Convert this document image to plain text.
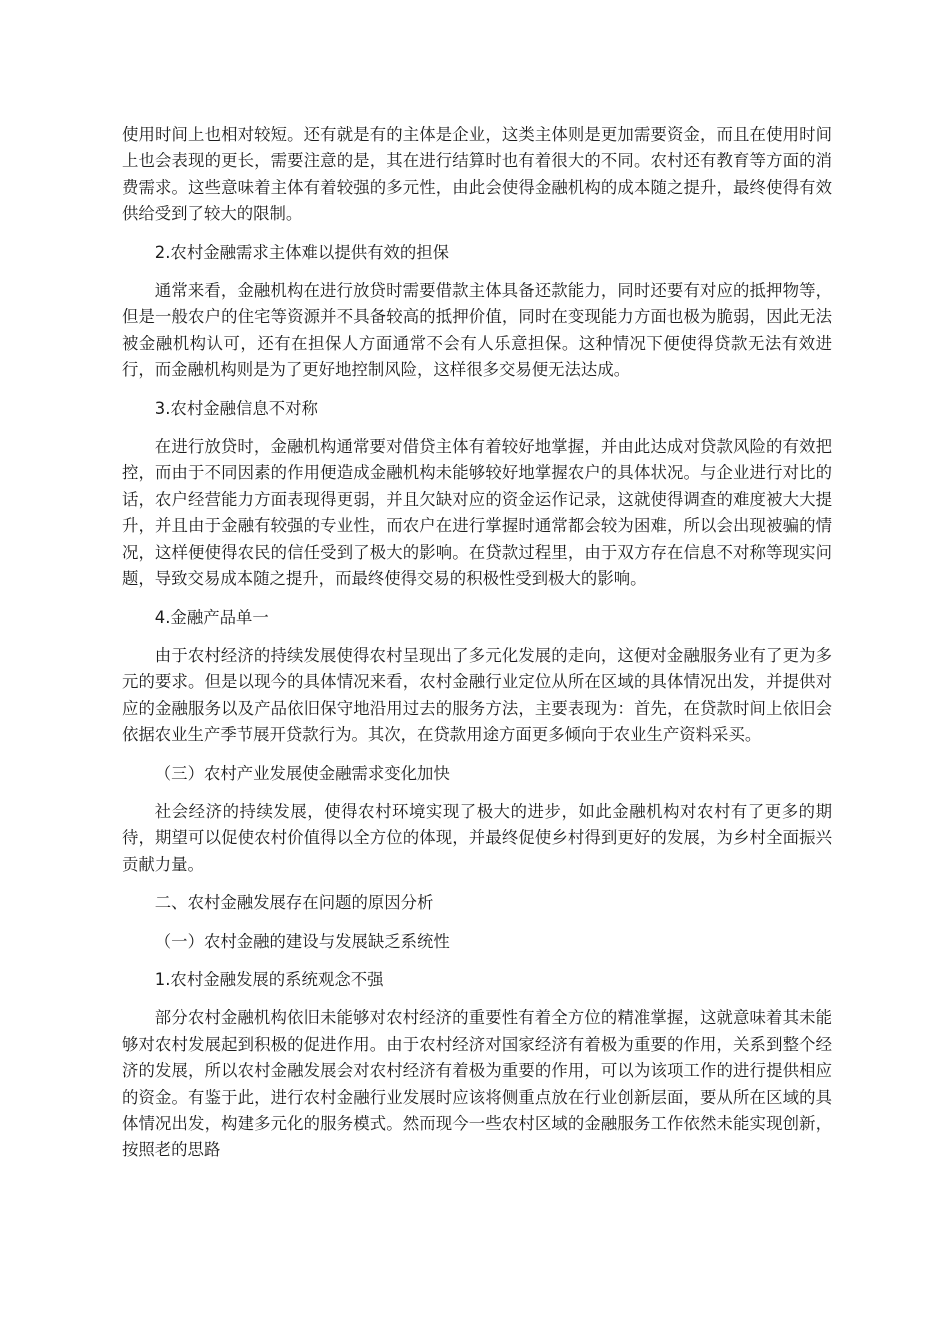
使用时间上也相对较短。还有就是有的主体是企业，这类主体则是更加需要资金，而且在使用时间上也会表现的更长，需要注意的是，其在进行结算时也有着很大的不同。农村还有教育等方面的消费需求。这些意味着主体有着较强的多元性，由此会使得金融机构的成本随之提升，最终使得有效供给受到了较大的限制。

2.农村金融需求主体难以提供有效的担保

通常来看，金融机构在进行放贷时需要借款主体具备还款能力，同时还要有对应的抵押物等，但是一般农户的住宅等资源并不具备较高的抵押价值，同时在变现能力方面也极为脆弱，因此无法被金融机构认可，还有在担保人方面通常不会有人乐意担保。这种情况下便使得贷款无法有效进行，而金融机构则是为了更好地控制风险，这样很多交易便无法达成。

3.农村金融信息不对称

在进行放贷时，金融机构通常要对借贷主体有着较好地掌握，并由此达成对贷款风险的有效把控，而由于不同因素的作用便造成金融机构未能够较好地掌握农户的具体状况。与企业进行对比的话，农户经营能力方面表现得更弱，并且欠缺对应的资金运作记录，这就使得调查的难度被大大提升，并且由于金融有较强的专业性，而农户在进行掌握时通常都会较为困难，所以会出现被骗的情况，这样便使得农民的信任受到了极大的影响。在贷款过程里，由于双方存在信息不对称等现实问题，导致交易成本随之提升，而最终使得交易的积极性受到极大的影响。

4.金融产品单一

由于农村经济的持续发展使得农村呈现出了多元化发展的走向，这便对金融服务业有了更为多元的要求。但是以现今的具体情况来看，农村金融行业定位从所在区域的具体情况出发，并提供对应的金融服务以及产品依旧保守地沿用过去的服务方法，主要表现为：首先，在贷款时间上依旧会依据农业生产季节展开贷款行为。其次，在贷款用途方面更多倾向于农业生产资料采买。

（三）农村产业发展使金融需求变化加快

社会经济的持续发展，使得农村环境实现了极大的进步，如此金融机构对农村有了更多的期待，期望可以促使农村价值得以全方位的体现，并最终促使乡村得到更好的发展，为乡村全面振兴贡献力量。

二、农村金融发展存在问题的原因分析

（一）农村金融的建设与发展缺乏系统性

1.农村金融发展的系统观念不强

部分农村金融机构依旧未能够对农村经济的重要性有着全方位的精准掌握，这就意味着其未能够对农村发展起到积极的促进作用。由于农村经济对国家经济有着极为重要的作用，关系到整个经济的发展，所以农村金融发展会对农村经济有着极为重要的作用，可以为该项工作的进行提供相应的资金。有鉴于此，进行农村金融行业发展时应该将侧重点放在行业创新层面，要从所在区域的具体情况出发，构建多元化的服务模式。然而现今一些农村区域的金融服务工作依然未能实现创新，按照老的思路
